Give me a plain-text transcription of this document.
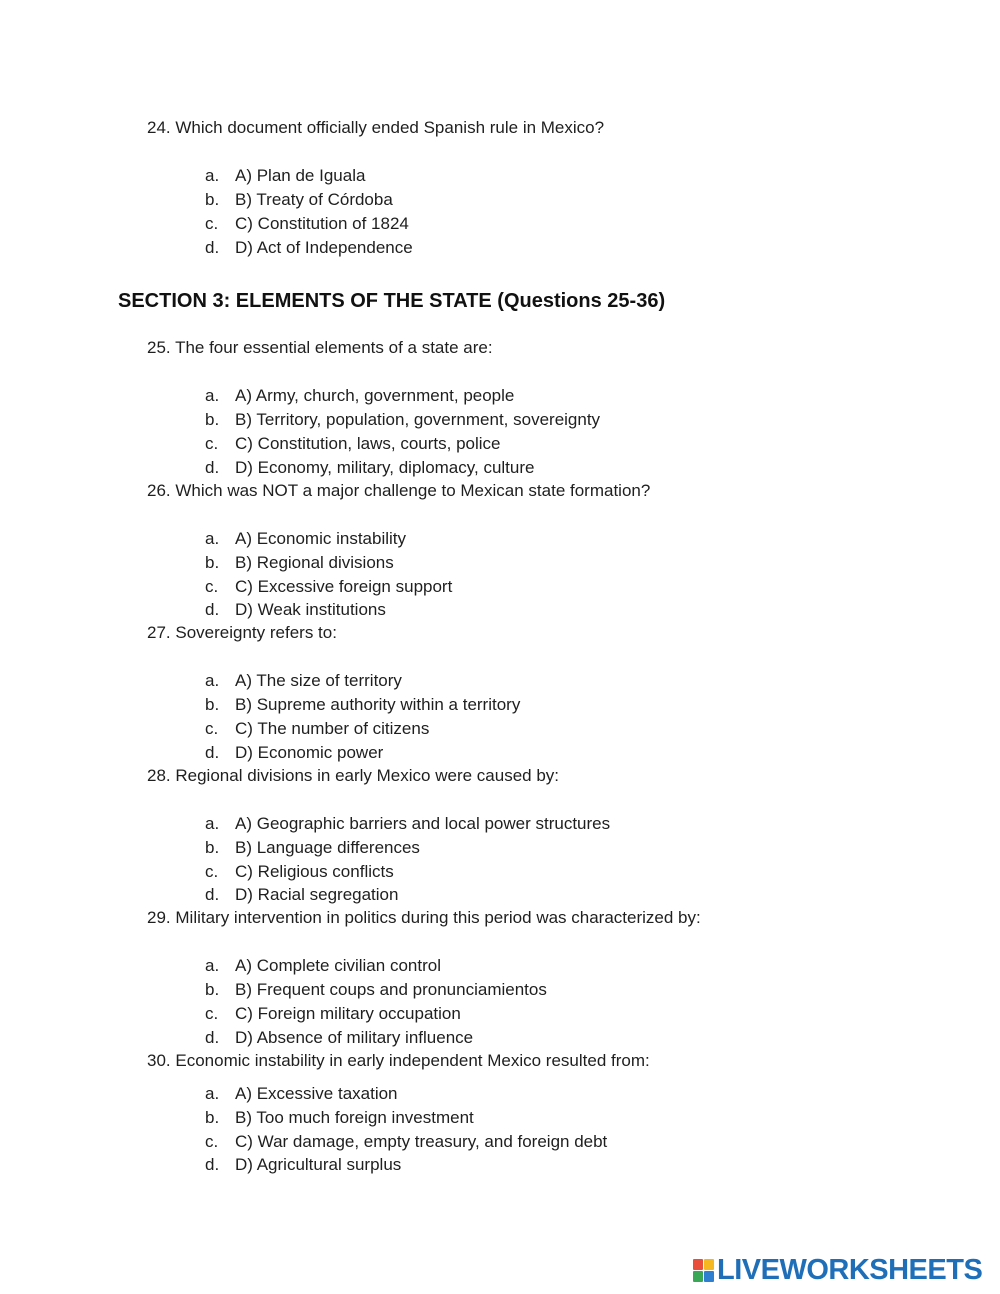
24. Which document officially ended Spanish rule in Mexico?

a. A) Plan de Iguala
b. B) Treaty of Córdoba
c. C) Constitution of 1824
d. D) Act of Independence
SECTION 3: ELEMENTS OF THE STATE (Questions 25-36)

25. The four essential elements of a state are:

a. A) Army, church, government, people
b. B) Territory, population, government, sovereignty
c. C) Constitution, laws, courts, police
d. D) Economy, military, diplomacy, culture

26. Which was NOT a major challenge to Mexican state formation?

a. A) Economic instability
b. B) Regional divisions
c. C) Excessive foreign support
d. D) Weak institutions

27. Sovereignty refers to:

a. A) The size of territory
b. B) Supreme authority within a territory
c. C) The number of citizens
d. D) Economic power

28. Regional divisions in early Mexico were caused by:

a. A) Geographic barriers and local power structures
b. B) Language differences
c. C) Religious conflicts
d. D) Racial segregation

29. Military intervention in politics during this period was characterized by:

a. A) Complete civilian control
b. B) Frequent coups and pronunciamientos
c. C) Foreign military occupation
d. D) Absence of military influence

30. Economic instability in early independent Mexico resulted from:

a. A) Excessive taxation
b. B) Too much foreign investment
c. C) War damage, empty treasury, and foreign debt
d. D) Agricultural surplus
LIVEWORKSHEETS
